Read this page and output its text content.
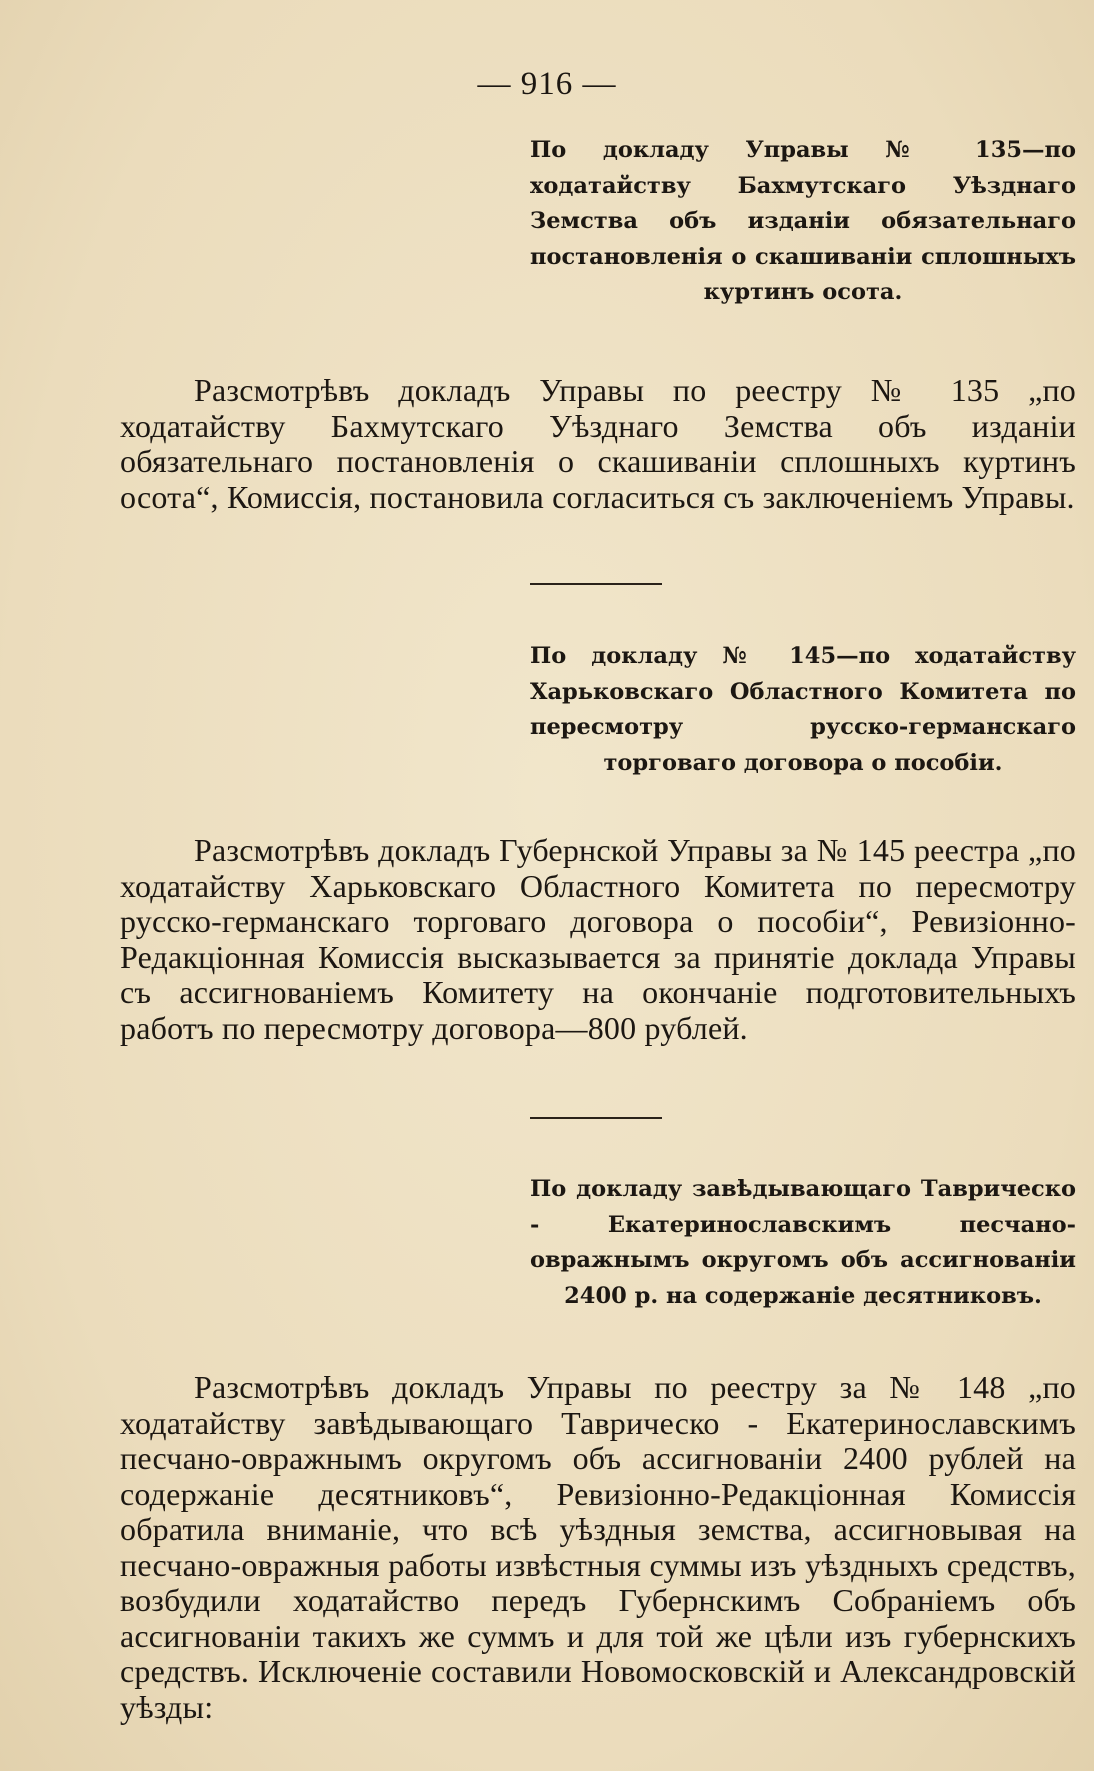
— 916 —
По докладу Управы № 135—по ходатайству Бахмутскаго Уѣзднаго Земства объ изданіи обязательнаго постановленія о скашиваніи сплошныхъ куртинъ осота.
Разсмотрѣвъ докладъ Управы по реестру № 135 „по ходатайству Бахмутскаго Уѣзднаго Земства объ изданіи обязательнаго постановленія о скашиваніи сплошныхъ куртинъ осота“, Комиссія, постановила согласиться съ заключеніемъ Управы.
По докладу № 145—по ходатайству Харьковскаго Областного Комитета по пересмотру русско-германскаго торговаго договора о пособіи.
Разсмотрѣвъ докладъ Губернской Управы за № 145 реестра „по ходатайству Харьковскаго Областного Комитета по пересмотру русско-германскаго торговаго договора о пособіи“, Ревизіонно-Редакціонная Комиссія высказывается за принятіе доклада Управы съ ассигнованіемъ Комитету на окончаніе подготовительныхъ работъ по пересмотру договора—800 рублей.
По докладу завѣдывающаго Таврическо - Екатеринославскимъ песчано-овражнымъ округомъ объ ассигнованіи 2400 р. на содержаніе десятниковъ.
Разсмотрѣвъ докладъ Управы по реестру за № 148 „по ходатайству завѣдывающаго Таврическо - Екатеринославскимъ песчано-овражнымъ округомъ объ ассигнованіи 2400 рублей на содержаніе десятниковъ“, Ревизіонно-Редакціонная Комиссія обратила вниманіе, что всѣ уѣздныя земства, ассигновывая на песчано-овражныя работы извѣстныя суммы изъ уѣздныхъ средствъ, возбудили ходатайство передъ Губернскимъ Собраніемъ объ ассигнованіи такихъ же суммъ и для той же цѣли изъ губернскихъ средствъ. Исключеніе составили Новомосковскій и Александровскій уѣзды:
